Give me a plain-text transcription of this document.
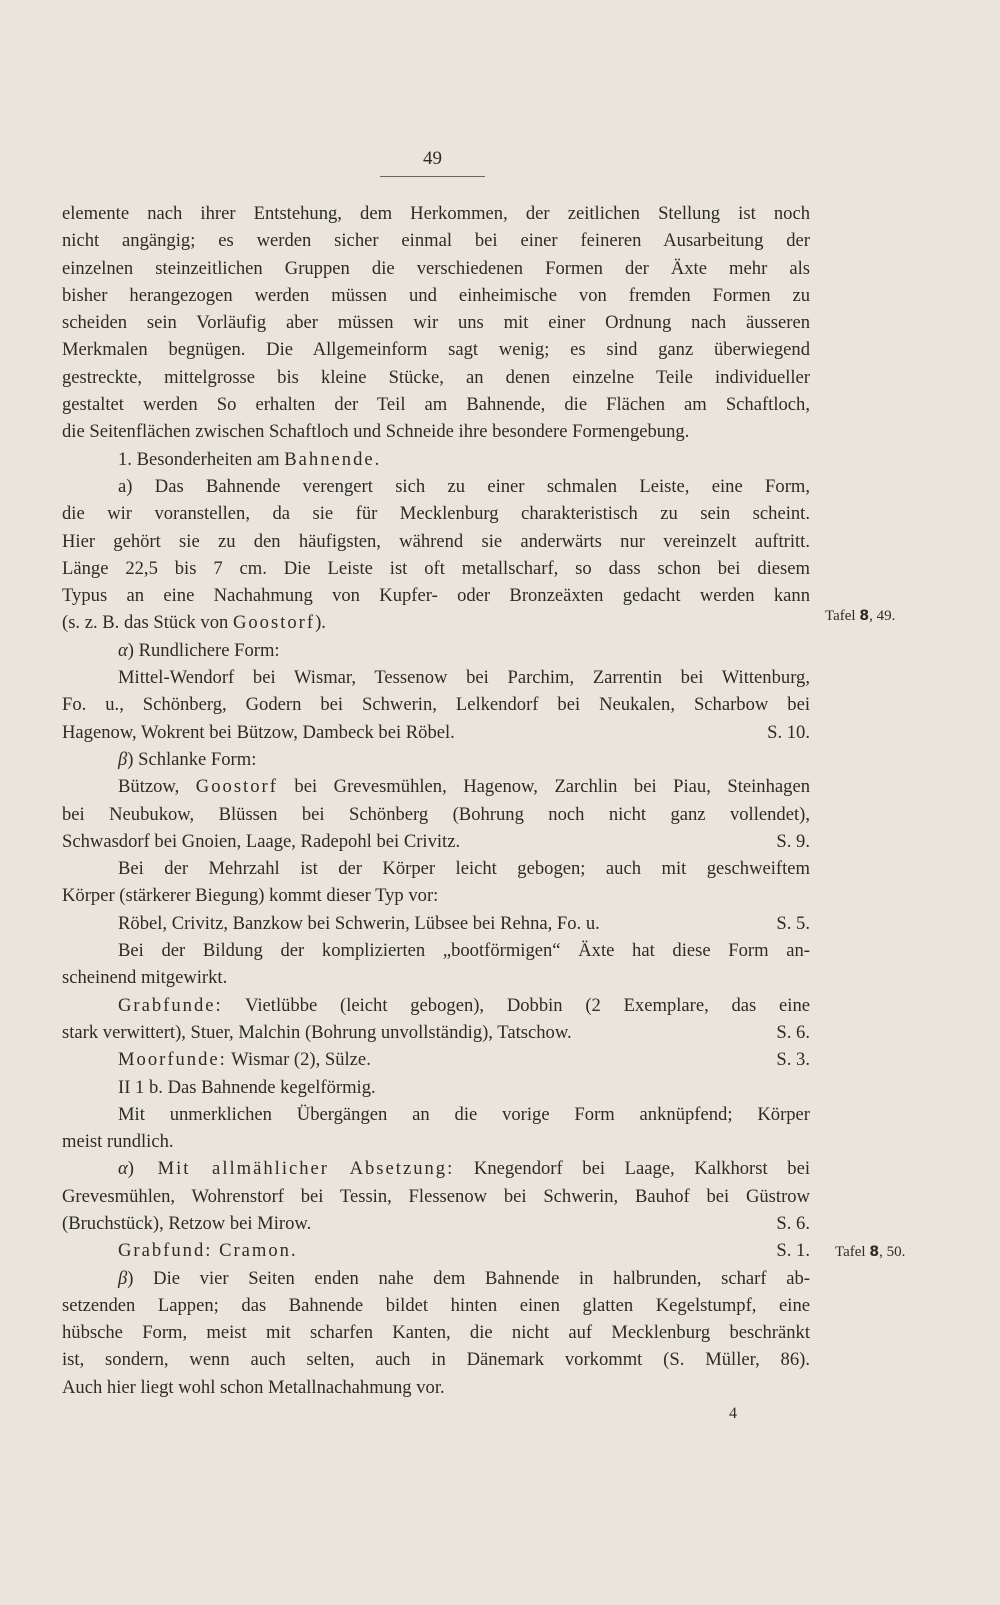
49

elemente nach ihrer Entstehung, dem Herkommen, der zeitlichen Stellung ist noch

nicht angängig; es werden sicher einmal bei einer feineren Ausarbeitung der

einzelnen steinzeitlichen Gruppen die verschiedenen Formen der Äxte mehr als

bisher herangezogen werden müssen und einheimische von fremden Formen zu

scheiden sein Vorläufig aber müssen wir uns mit einer Ordnung nach äusseren

Merkmalen begnügen. Die Allgemeinform sagt wenig; es sind ganz überwiegend

gestreckte, mittelgrosse bis kleine Stücke, an denen einzelne Teile individueller

gestaltet werden So erhalten der Teil am Bahnende, die Flächen am Schaftloch,

die Seitenflächen zwischen Schaftloch und Schneide ihre besondere Formengebung.

1. Besonderheiten am Bahnende.

a) Das Bahnende verengert sich zu einer schmalen Leiste, eine Form,

die wir voranstellen, da sie für Mecklenburg charakteristisch zu sein scheint.

Hier gehört sie zu den häufigsten, während sie anderwärts nur vereinzelt auftritt.

Länge 22,5 bis 7 cm. Die Leiste ist oft metallscharf, so dass schon bei diesem

Typus an eine Nachahmung von Kupfer- oder Bronzeäxten gedacht werden kann

(s. z. B. das Stück von Goostorf).

α) Rundlichere Form:

Mittel-Wendorf bei Wismar, Tessenow bei Parchim, Zarrentin bei Wittenburg,

Fo. u., Schönberg, Godern bei Schwerin, Lelkendorf bei Neukalen, Scharbow bei

Hagenow, Wokrent bei Bützow, Dambeck bei Röbel.	S. 10.

β) Schlanke Form:

Bützow, Goostorf bei Grevesmühlen, Hagenow, Zarchlin bei Piau, Steinhagen

bei Neubukow, Blüssen bei Schönberg (Bohrung noch nicht ganz vollendet),

Schwasdorf bei Gnoien, Laage, Radepohl bei Crivitz.	S. 9.

Bei der Mehrzahl ist der Körper leicht gebogen; auch mit geschweiftem

Körper (stärkerer Biegung) kommt dieser Typ vor:

Röbel, Crivitz, Banzkow bei Schwerin, Lübsee bei Rehna, Fo. u.	S. 5.

Bei der Bildung der komplizierten „bootförmigen“ Äxte hat diese Form an-

scheinend mitgewirkt.

Grabfunde: Vietlübbe (leicht gebogen), Dobbin (2 Exemplare, das eine

stark verwittert), Stuer, Malchin (Bohrung unvollständig), Tatschow.	S. 6.

Moorfunde: Wismar (2), Sülze.	S. 3.

II 1 b. Das Bahnende kegelförmig.

Mit unmerklichen Übergängen an die vorige Form anknüpfend; Körper

meist rundlich.

α) Mit allmählicher Absetzung: Knegendorf bei Laage, Kalkhorst bei

Grevesmühlen, Wohrenstorf bei Tessin, Flessenow bei Schwerin, Bauhof bei Güstrow

(Bruchstück), Retzow bei Mirow.	S. 6.

Grabfund: Cramon.	S. 1.

β) Die vier Seiten enden nahe dem Bahnende in halbrunden, scharf ab-

setzenden Lappen; das Bahnende bildet hinten einen glatten Kegelstumpf, eine

hübsche Form, meist mit scharfen Kanten, die nicht auf Mecklenburg beschränkt

ist, sondern, wenn auch selten, auch in Dänemark vorkommt (S. Müller, 86).

Auch hier liegt wohl schon Metallnachahmung vor.

Tafel 8, 49.
Tafel 8, 50.
4
